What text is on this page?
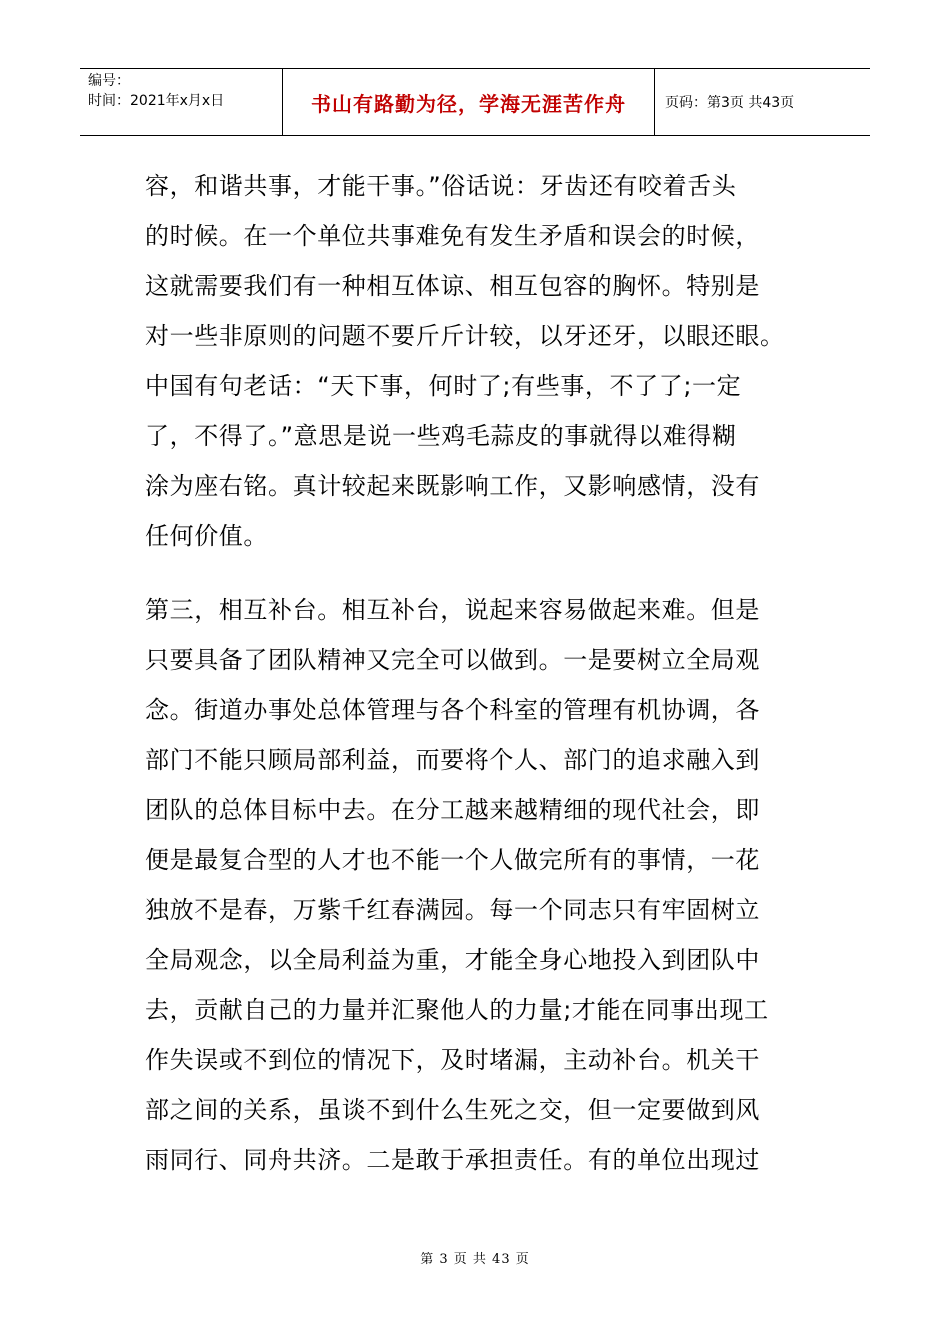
编号：
时间：2021年x月x日	书山有路勤为径，学海无涯苦作舟	页码：第3页 共43页
容，和谐共事，才能干事。”俗话说：牙齿还有咬着舌头
的时候。在一个单位共事难免有发生矛盾和误会的时候，
这就需要我们有一种相互体谅、相互包容的胸怀。特别是
对一些非原则的问题不要斤斤计较，以牙还牙，以眼还眼。
中国有句老话：“天下事，何时了;有些事，不了了;一定
了，不得了。”意思是说一些鸡毛蒜皮的事就得以难得糊
涂为座右铭。真计较起来既影响工作，又影响感情，没有
任何价值。
第三，相互补台。相互补台，说起来容易做起来难。但是
只要具备了团队精神又完全可以做到。一是要树立全局观
念。街道办事处总体管理与各个科室的管理有机协调，各
部门不能只顾局部利益，而要将个人、部门的追求融入到
团队的总体目标中去。在分工越来越精细的现代社会，即
便是最复合型的人才也不能一个人做完所有的事情，一花
独放不是春，万紫千红春满园。每一个同志只有牢固树立
全局观念，以全局利益为重，才能全身心地投入到团队中
去，贡献自己的力量并汇聚他人的力量;才能在同事出现工
作失误或不到位的情况下，及时堵漏，主动补台。机关干
部之间的关系，虽谈不到什么生死之交，但一定要做到风
雨同行、同舟共济。二是敢于承担责任。有的单位出现过
第 3 页 共 43 页
